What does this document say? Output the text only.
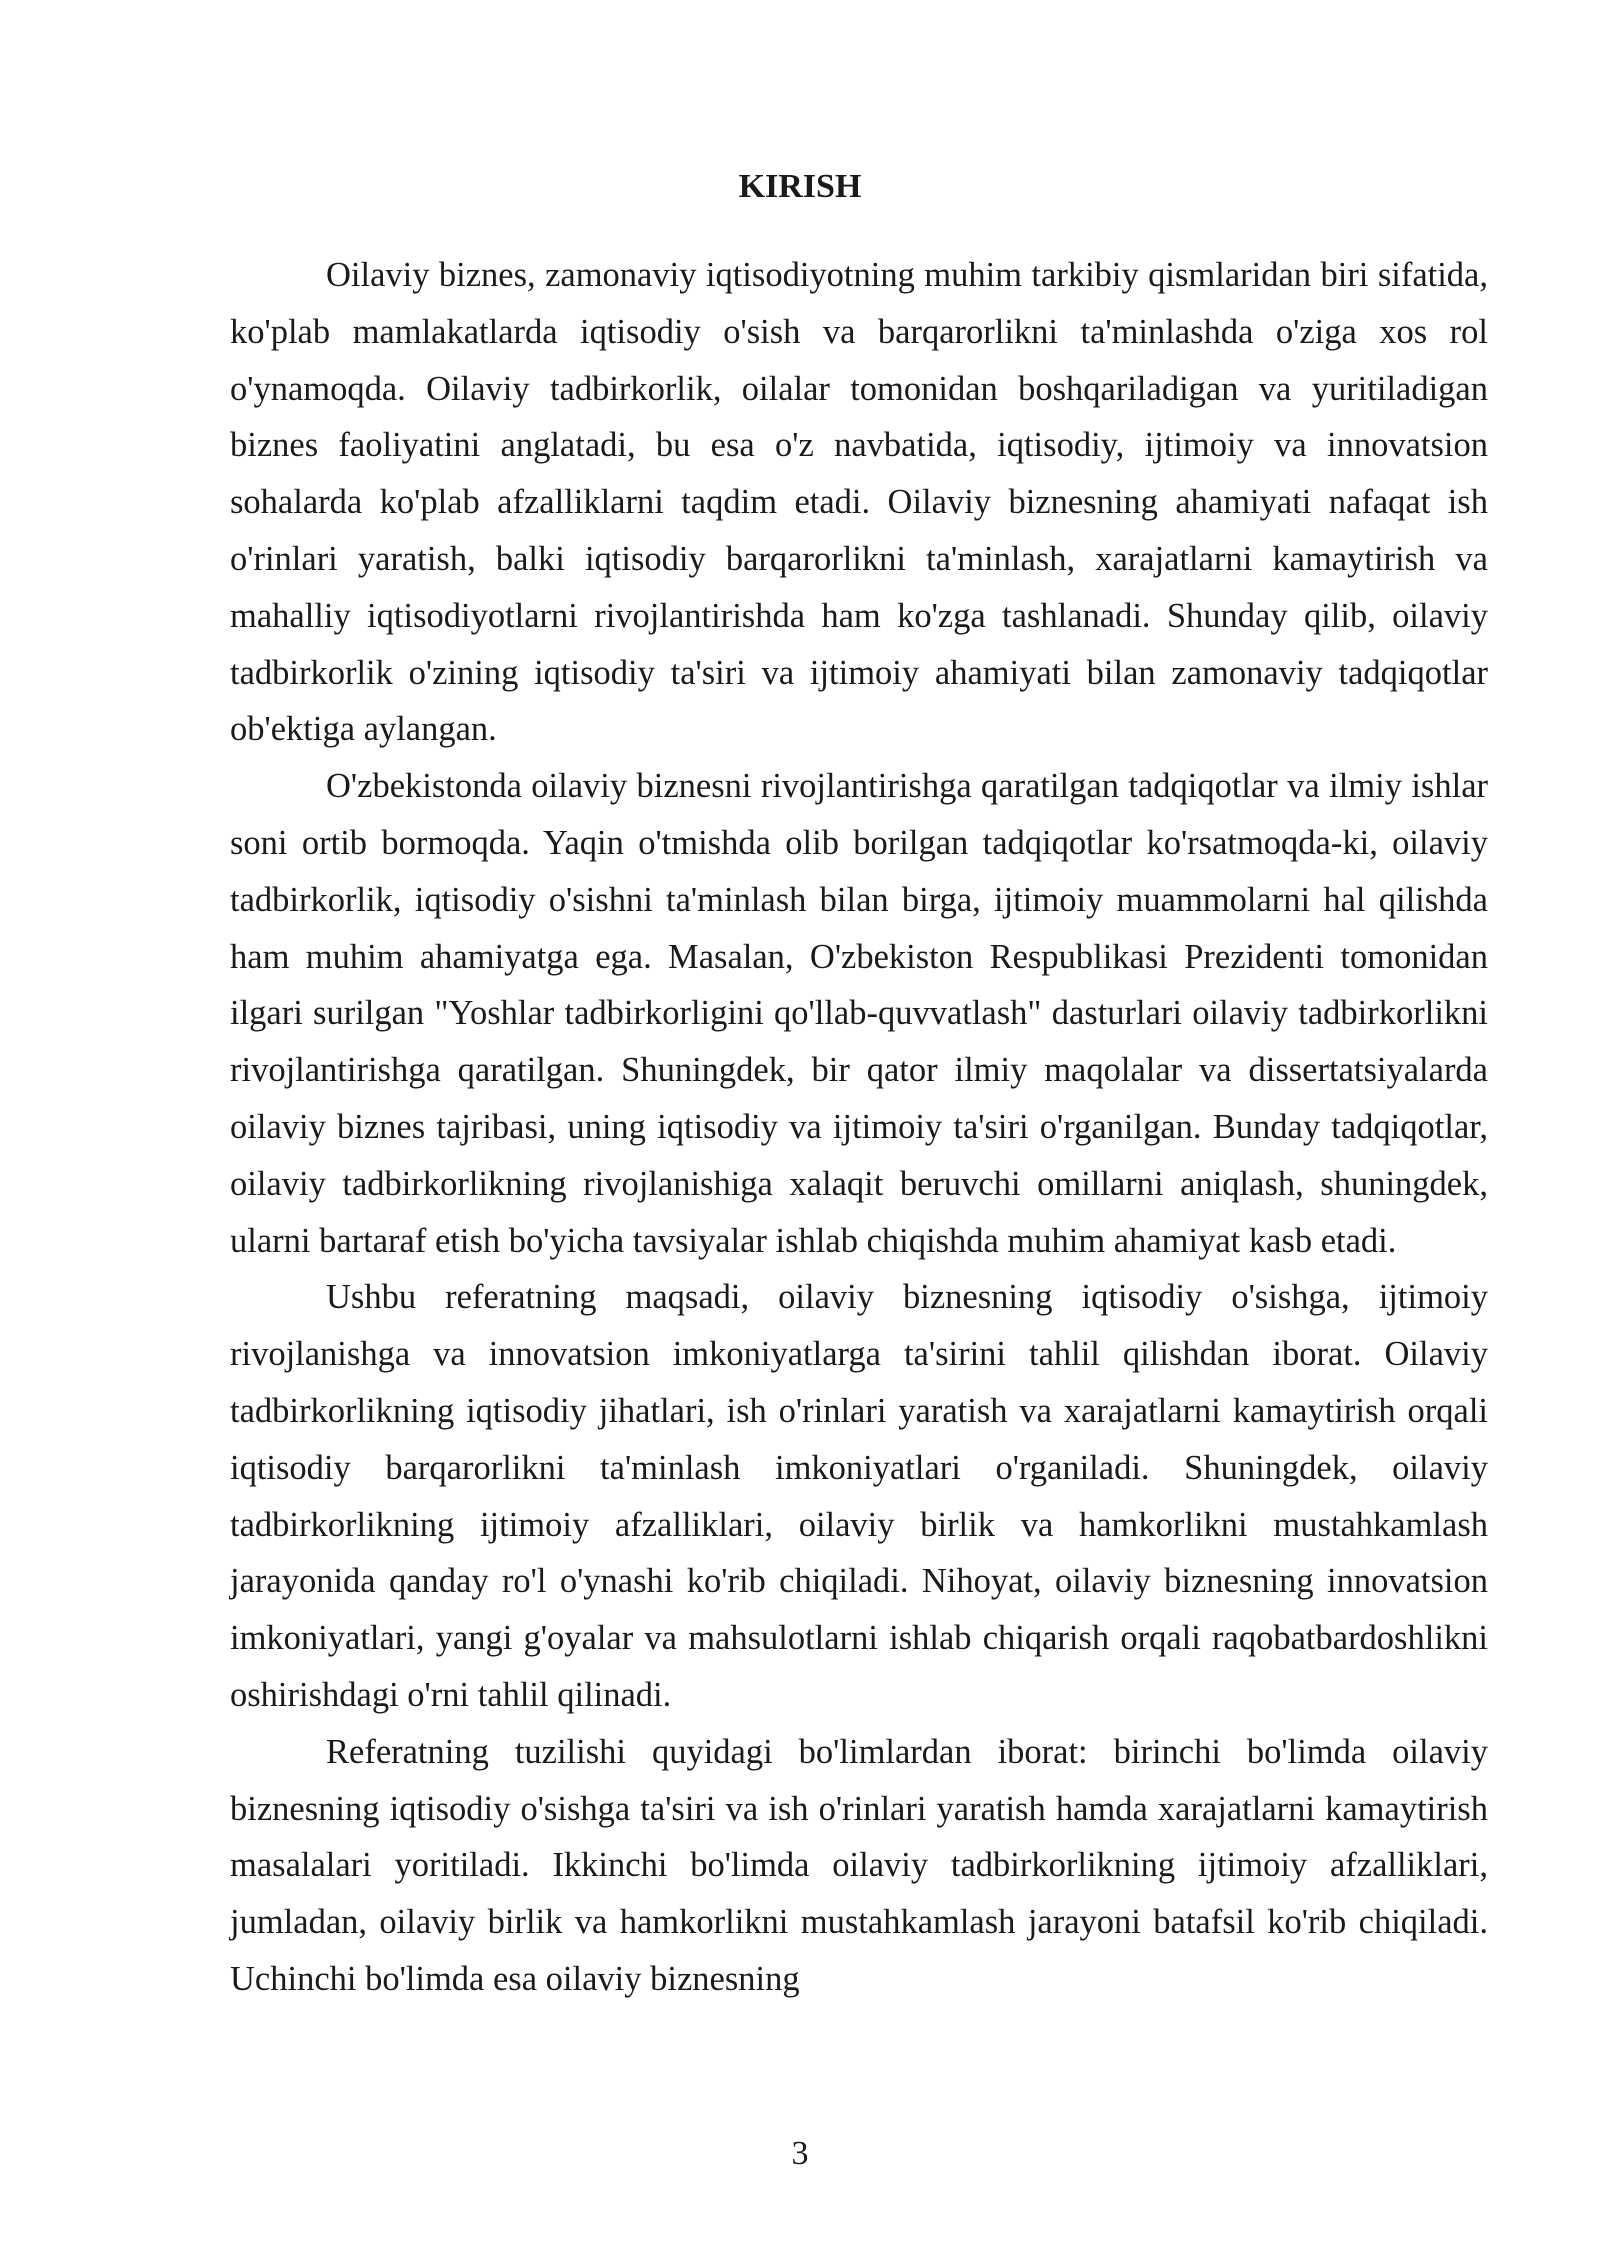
KIRISH

Oilaviy biznes, zamonaviy iqtisodiyotning muhim tarkibiy qismlaridan biri sifatida, ko'plab mamlakatlarda iqtisodiy o'sish va barqarorlikni ta'minlashda o'ziga xos rol o'ynamoqda. Oilaviy tadbirkorlik, oilalar tomonidan boshqariladigan va yuritiladigan biznes faoliyatini anglatadi, bu esa o'z navbatida, iqtisodiy, ijtimoiy va innovatsion sohalarda ko'plab afzalliklarni taqdim etadi. Oilaviy biznesning ahamiyati nafaqat ish o'rinlari yaratish, balki iqtisodiy barqarorlikni ta'minlash, xarajatlarni kamaytirish va mahalliy iqtisodiyotlarni rivojlantirishda ham ko'zga tashlanadi. Shunday qilib, oilaviy tadbirkorlik o'zining iqtisodiy ta'siri va ijtimoiy ahamiyati bilan zamonaviy tadqiqotlar ob'ektiga aylangan.

O'zbekistonda oilaviy biznesni rivojlantirishga qaratilgan tadqiqotlar va ilmiy ishlar soni ortib bormoqda. Yaqin o'tmishda olib borilgan tadqiqotlar ko'rsatmoqda-ki, oilaviy tadbirkorlik, iqtisodiy o'sishni ta'minlash bilan birga, ijtimoiy muammolarni hal qilishda ham muhim ahamiyatga ega. Masalan, O'zbekiston Respublikasi Prezidenti tomonidan ilgari surilgan "Yoshlar tadbirkorligini qo'llab-quvvatlash" dasturlari oilaviy tadbirkorlikni rivojlantirishga qaratilgan. Shuningdek, bir qator ilmiy maqolalar va dissertatsiyalarda oilaviy biznes tajribasi, uning iqtisodiy va ijtimoiy ta'siri o'rganilgan. Bunday tadqiqotlar, oilaviy tadbirkorlikning rivojlanishiga xalaqit beruvchi omillarni aniqlash, shuningdek, ularni bartaraf etish bo'yicha tavsiyalar ishlab chiqishda muhim ahamiyat kasb etadi.

Ushbu referatning maqsadi, oilaviy biznesning iqtisodiy o'sishga, ijtimoiy rivojlanishga va innovatsion imkoniyatlarga ta'sirini tahlil qilishdan iborat. Oilaviy tadbirkorlikning iqtisodiy jihatlari, ish o'rinlari yaratish va xarajatlarni kamaytirish orqali iqtisodiy barqarorlikni ta'minlash imkoniyatlari o'rganiladi. Shuningdek, oilaviy tadbirkorlikning ijtimoiy afzalliklari, oilaviy birlik va hamkorlikni mustahkamlash jarayonida qanday ro'l o'ynashi ko'rib chiqiladi. Nihoyat, oilaviy biznesning innovatsion imkoniyatlari, yangi g'oyalar va mahsulotlarni ishlab chiqarish orqali raqobatbardoshlikni oshirishdagi o'rni tahlil qilinadi.

Referatning tuzilishi quyidagi bo'limlardan iborat: birinchi bo'limda oilaviy biznesning iqtisodiy o'sishga ta'siri va ish o'rinlari yaratish hamda xarajatlarni kamaytirish masalalari yoritiladi. Ikkinchi bo'limda oilaviy tadbirkorlikning ijtimoiy afzalliklari, jumladan, oilaviy birlik va hamkorlikni mustahkamlash jarayoni batafsil ko'rib chiqiladi. Uchinchi bo'limda esa oilaviy biznesning

3
